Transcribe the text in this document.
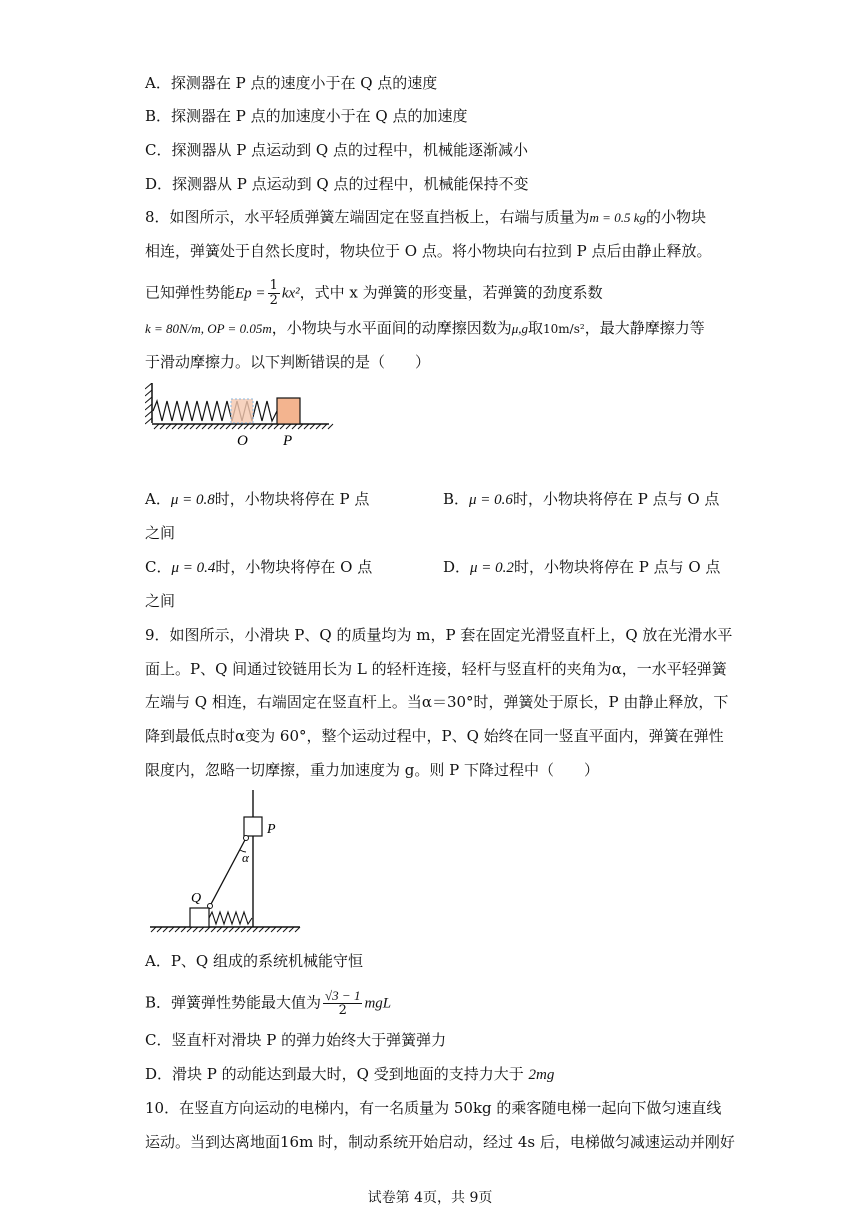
A．探测器在 P 点的速度小于在 Q 点的速度
B．探测器在 P 点的加速度小于在 Q 点的加速度
C．探测器从 P 点运动到 Q 点的过程中，机械能逐渐减小
D．探测器从 P 点运动到 Q 点的过程中，机械能保持不变
8．如图所示，水平轻质弹簧左端固定在竖直挡板上，右端与质量为m = 0.5 kg的小物块
相连，弹簧处于自然长度时，物块位于 O 点。将小物块向右拉到 P 点后由静止释放。
已知弹性势能$Ep = \frac{1}{2} kx^2$，式中 x 为弹簧的形变量，若弹簧的劲度系数
k = 80N/m, OP = 0.05m，小物块与水平面间的动摩擦因数为μ,g取10m/s²，最大静摩擦力等
于滑动摩擦力。以下判断错误的是（　　）
O P
A．μ = 0.8时，小物块将停在 P 点	B．μ = 0.6时，小物块将停在 P 点与 O 点
之间
C．μ = 0.4时，小物块将停在 O 点	D．μ = 0.2时，小物块将停在 P 点与 O 点
之间
9．如图所示，小滑块 P、Q 的质量均为 m，P 套在固定光滑竖直杆上，Q 放在光滑水平
面上。P、Q 间通过铰链用长为 L 的轻杆连接，轻杆与竖直杆的夹角为α，一水平轻弹簧
左端与 Q 相连，右端固定在竖直杆上。当α＝30°时，弹簧处于原长，P 由静止释放，下
降到最低点时α变为 60°，整个运动过程中，P、Q 始终在同一竖直平面内，弹簧在弹性
限度内，忽略一切摩擦，重力加速度为 g。则 P 下降过程中（　　）
P
α
Q
A．P、Q 组成的系统机械能守恒
B．弹簧弹性势能最大值为 $\frac{√3 - 1}{2}$ mgL
C．竖直杆对滑块 P 的弹力始终大于弹簧弹力
D．滑块 P 的动能达到最大时，Q 受到地面的支持力大于 2mg
10．在竖直方向运动的电梯内，有一名质量为 50kg 的乘客随电梯一起向下做匀速直线
运动。当到达离地面16m 时，制动系统开始启动，经过 4s 后，电梯做匀减速运动并刚好
试卷第 4页，共 9页
